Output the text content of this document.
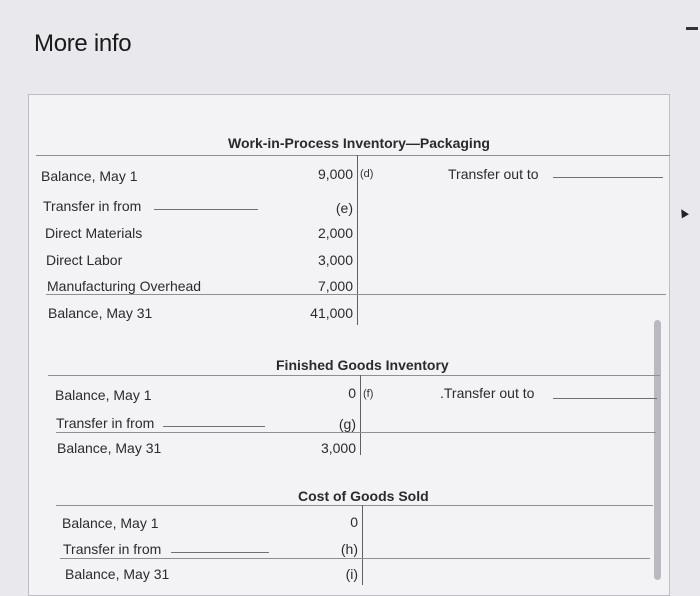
More info
▲
Work-in-Process Inventory—Packaging
Balance, May 1	9,000 (d)	Transfer out to
Transfer in from	(e)
Direct Materials	2,000
Direct Labor	3,000
Manufacturing Overhead	7,000
Balance, May 31	41,000
Finished Goods Inventory
Balance, May 1	0 (f)	.Transfer out to
Transfer in from	(g)
Balance, May 31	3,000
Cost of Goods Sold
Balance, May 1	0
Transfer in from	(h)
Balance, May 31	(i)
